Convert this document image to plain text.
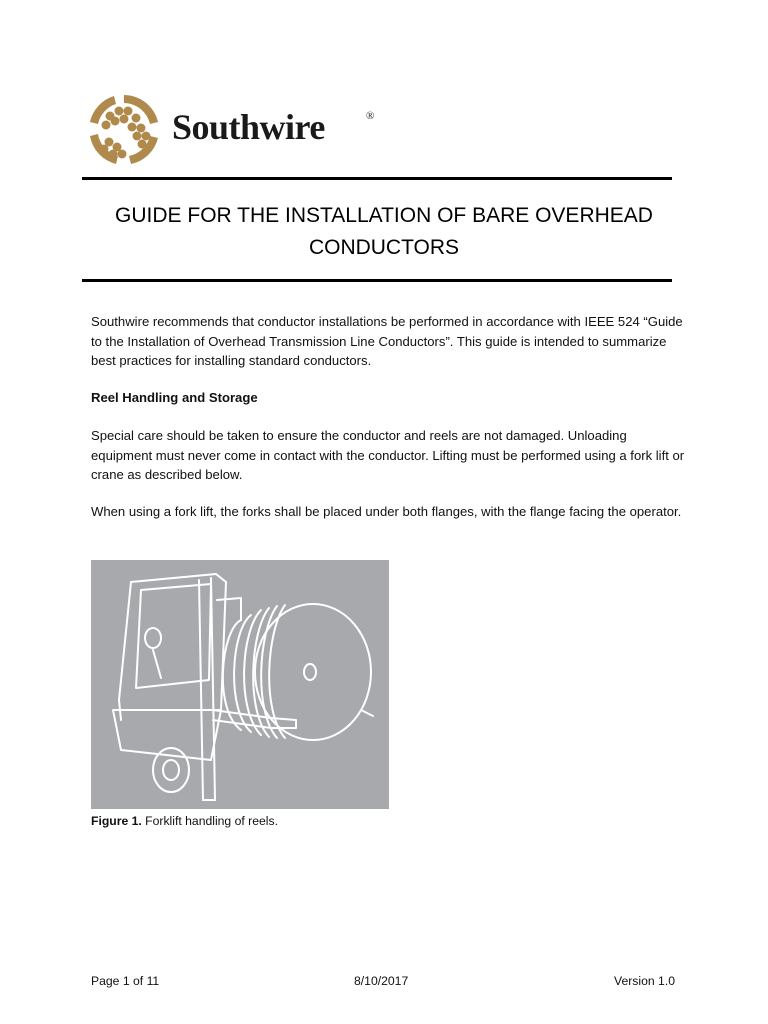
Southwire	®
GUIDE FOR THE INSTALLATION OF BARE OVERHEAD CONDUCTORS
Southwire recommends that conductor installations be performed in accordance with IEEE 524 “Guide to the Installation of Overhead Transmission Line Conductors”. This guide is intended to summarize best practices for installing standard conductors.
Reel Handling and Storage
Special care should be taken to ensure the conductor and reels are not damaged. Unloading equipment must never come in contact with the conductor. Lifting must be performed using a fork lift or crane as described below.
When using a fork lift, the forks shall be placed under both flanges, with the flange facing the operator.
Figure 1. Forklift handling of reels.
Page 1 of 11	8/10/2017	Version 1.0
